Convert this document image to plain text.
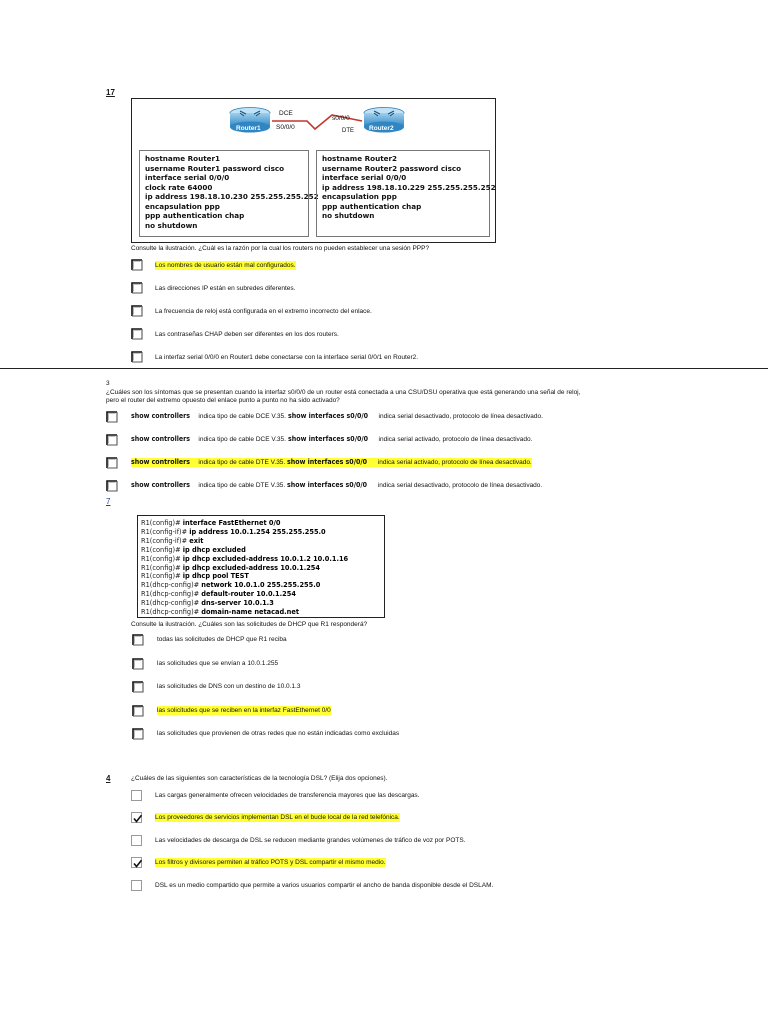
17
Router1	Router2
DCE
S0/0/0
s0/0/0
DTE
hostname Router1
username Router1 password cisco
interface serial 0/0/0
clock rate 64000
ip address 198.18.10.230 255.255.255.252
encapsulation ppp
ppp authentication chap
no shutdown
hostname Router2
username Router2 password cisco
interface serial 0/0/0
ip address 198.18.10.229 255.255.255.252
encapsulation ppp
ppp authentication chap
no shutdown
Consulte la ilustración. ¿Cuál es la razón por la cual los routers no pueden establecer una sesión PPP?
Los nombres de usuario están mal configurados.
Las direcciones IP están en subredes diferentes.
La frecuencia de reloj está configurada en el extremo incorrecto del enlace.
Las contraseñas CHAP deben ser diferentes en los dos routers.
La interfaz serial 0/0/0 en Router1 debe conectarse con la interface serial 0/0/1 en Router2.
3
¿Cuáles son los síntomas que se presentan cuando la interfaz s0/0/0 de un router está conectada a una CSU/DSU operativa que está generando una señal de reloj,
pero el router del extremo opuesto del enlace punto a punto no ha sido activado?
show controllers indica tipo de cable DCE V.35. show interfaces s0/0/0 indica serial desactivado, protocolo de línea desactivado.
show controllers indica tipo de cable DCE V.35. show interfaces s0/0/0 indica serial activado, protocolo de línea desactivado.
show controllers indica tipo de cable DTE V.35. show interfaces s0/0/0 indica serial activado, protocolo de línea desactivado.
show controllers indica tipo de cable DTE V.35. show interfaces s0/0/0 indica serial desactivado, protocolo de línea desactivado.
7
R1(config)# interface FastEthernet 0/0
R1(config-if)# ip address 10.0.1.254 255.255.255.0
R1(config-if)# exit
R1(config)# ip dhcp excluded
R1(config)# ip dhcp excluded-address 10.0.1.2 10.0.1.16
R1(config)# ip dhcp excluded-address 10.0.1.254
R1(config)# ip dhcp pool TEST
R1(dhcp-config)# network 10.0.1.0 255.255.255.0
R1(dhcp-config)# default-router 10.0.1.254
R1(dhcp-config)# dns-server 10.0.1.3
R1(dhcp-config)# domain-name netacad.net
Consulte la ilustración. ¿Cuáles son las solicitudes de DHCP que R1 responderá?
todas las solicitudes de DHCP que R1 reciba
las solicitudes que se envían a 10.0.1.255
las solicitudes de DNS con un destino de 10.0.1.3
las solicitudes que se reciben en la interfaz FastEthernet 0/0
las solicitudes que provienen de otras redes que no están indicadas como excluidas
4	¿Cuáles de las siguientes son características de la tecnología DSL? (Elija dos opciones).
Las cargas generalmente ofrecen velocidades de transferencia mayores que las descargas.
Los proveedores de servicios implementan DSL en el bucle local de la red telefónica.
Las velocidades de descarga de DSL se reducen mediante grandes volúmenes de tráfico de voz por POTS.
Los filtros y divisores permiten al tráfico POTS y DSL compartir el mismo medio.
DSL es un medio compartido que permite a varios usuarios compartir el ancho de banda disponible desde el DSLAM.
